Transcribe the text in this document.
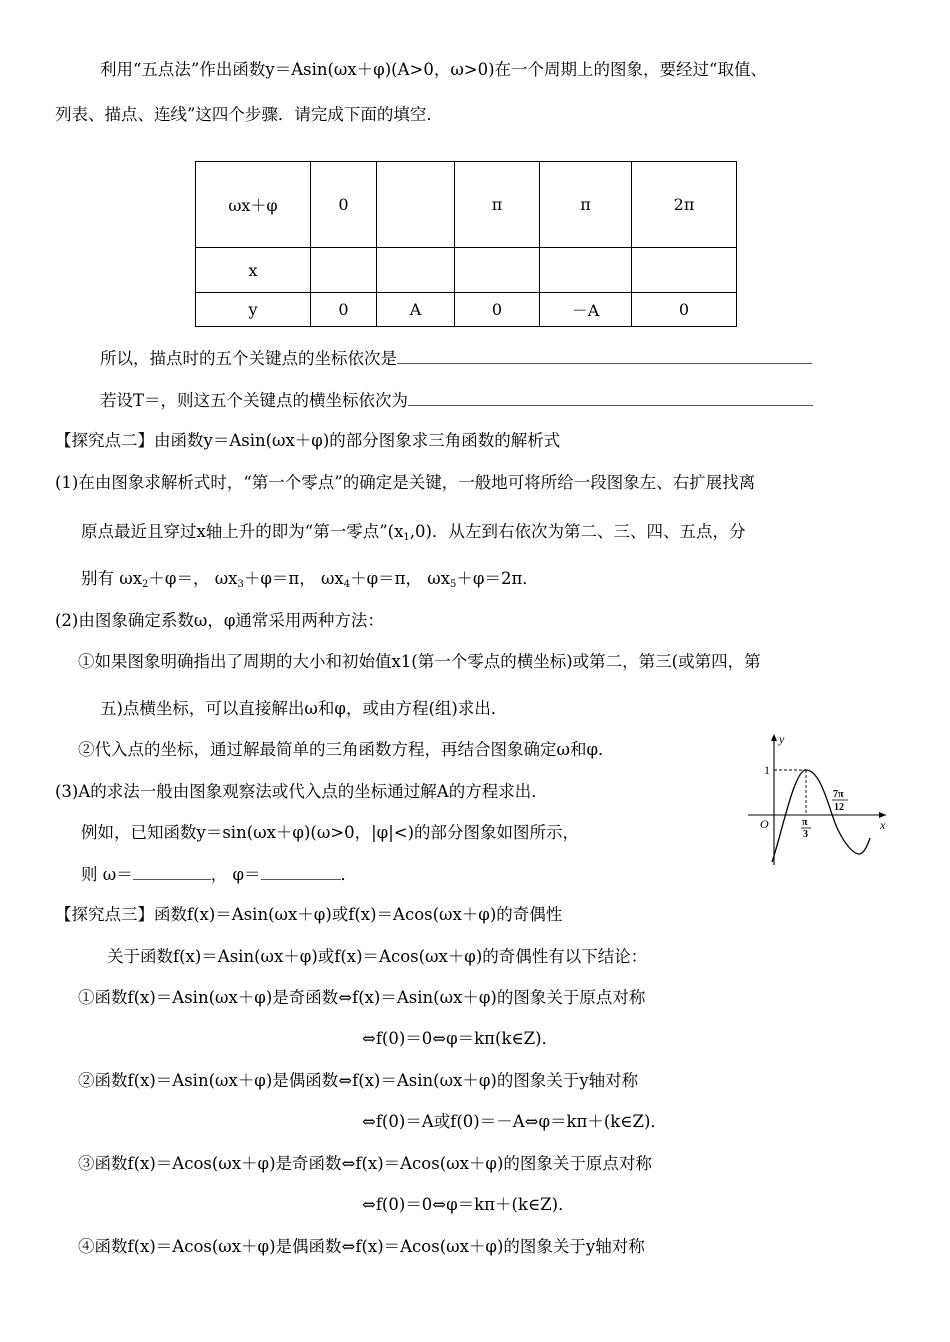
利用“五点法”作出函数y＝Asin(ωx＋φ)(A>0，ω>0)在一个周期上的图象，要经过“取值、
列表、描点、连线”这四个步骤．请完成下面的填空．
ωx＋φ	0		π	π	2π
x					
y	0	A	0	－A	0
所以，描点时的五个关键点的坐标依次是
若设T＝，则这五个关键点的横坐标依次为
【探究点二】由函数y＝Asin(ωx＋φ)的部分图象求三角函数的解析式
(1)在由图象求解析式时，“第一个零点”的确定是关键，一般地可将所给一段图象左、右扩展找离
原点最近且穿过x轴上升的即为“第一零点$”(x_1,0)$．从左到右依次为第二、三、四、五点，分
别有 $\omega x_2+\varphi=$， $\omega x_3+\varphi=\pi$， $\omega x_4+\varphi=\pi$， $\omega x_5+\varphi=2\pi$．
(2)由图象确定系数ω，φ通常采用两种方法：
①如果图象明确指出了周期的大小和初始值x1(第一个零点的横坐标)或第二，第三(或第四，第
五)点横坐标，可以直接解出ω和φ，或由方程(组)求出．
②代入点的坐标，通过解最简单的三角函数方程，再结合图象确定ω和φ．
(3)A的求法一般由图象观察法或代入点的坐标通过解A的方程求出．
例如，已知函数y＝sin(ωx＋φ)(ω>0，|φ|<)的部分图象如图所示，
则 ω＝	， φ＝	．
y
x
O
1
π
3
7π
12
【探究点三】函数f(x)＝Asin(ωx＋φ)或f(x)＝Acos(ωx＋φ)的奇偶性
关于函数f(x)＝Asin(ωx＋φ)或f(x)＝Acos(ωx＋φ)的奇偶性有以下结论：
①函数f(x)＝Asin(ωx＋φ)是奇函数⇔f(x)＝Asin(ωx＋φ)的图象关于原点对称
⇔f(0)＝0⇔φ＝kπ(k∈Z)．
②函数f(x)＝Asin(ωx＋φ)是偶函数⇔f(x)＝Asin(ωx＋φ)的图象关于y轴对称
⇔f(0)＝A或f(0)＝－A⇔φ＝kπ＋(k∈Z)．
③函数f(x)＝Acos(ωx＋φ)是奇函数⇔f(x)＝Acos(ωx＋φ)的图象关于原点对称
⇔f(0)＝0⇔φ＝kπ＋(k∈Z)．
④函数f(x)＝Acos(ωx＋φ)是偶函数⇔f(x)＝Acos(ωx＋φ)的图象关于y轴对称
